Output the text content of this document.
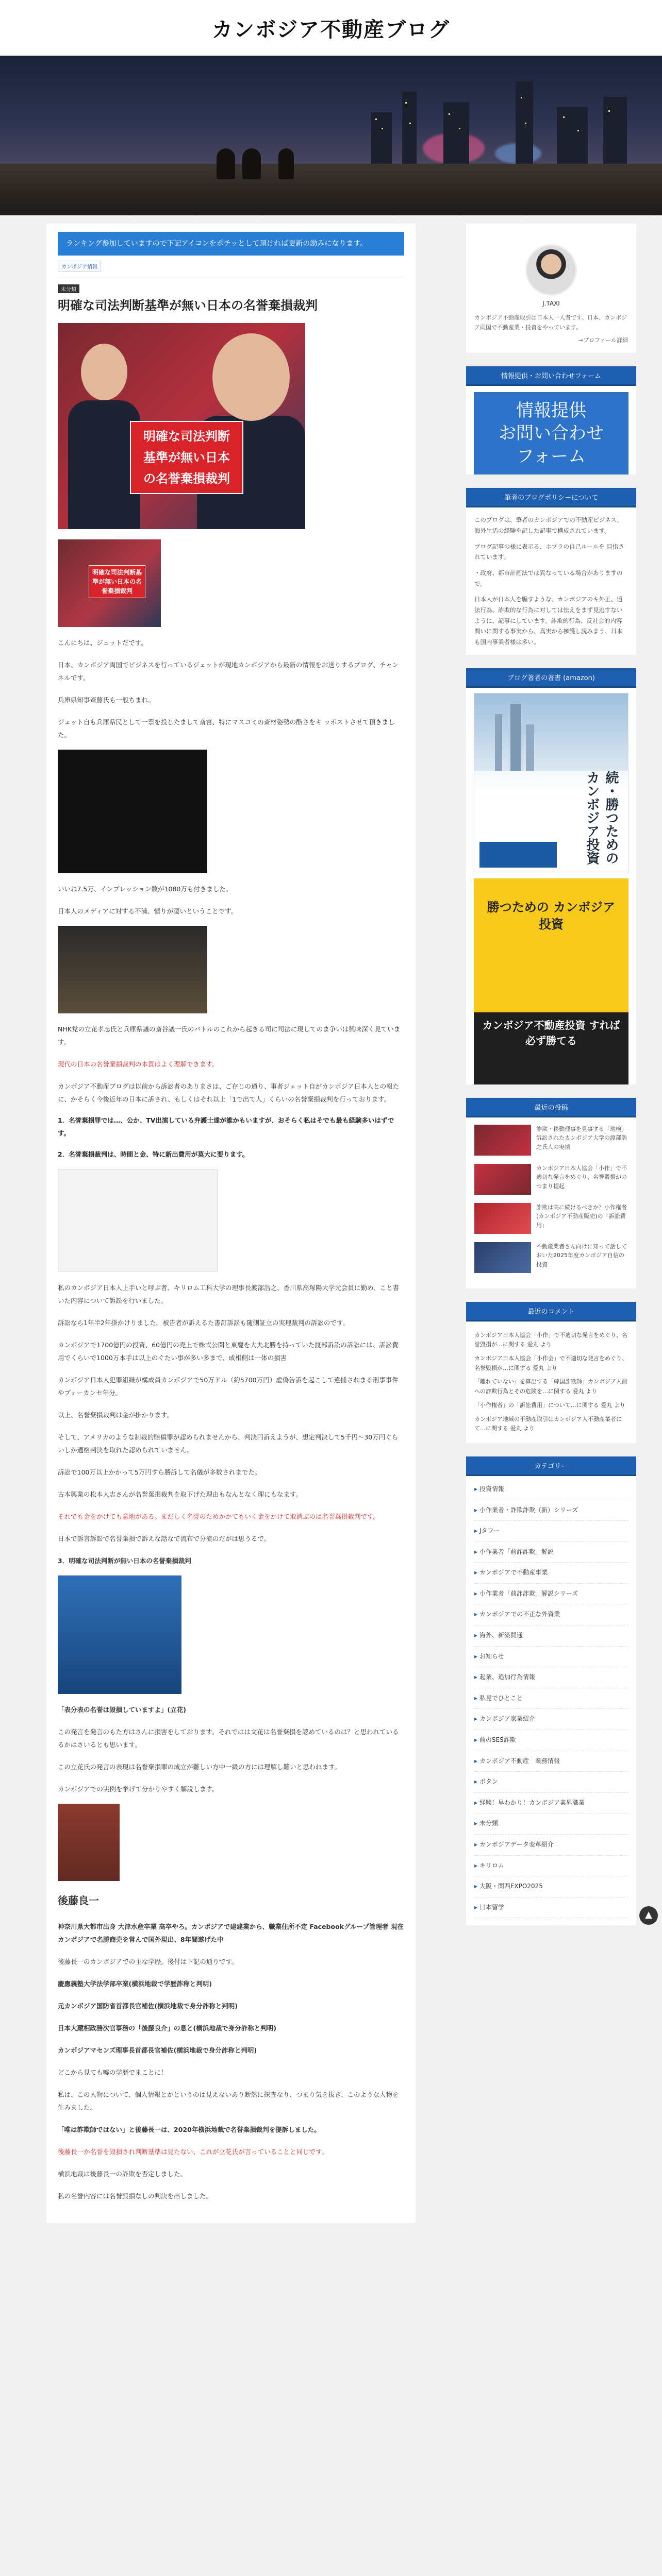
カンボジア不動産ブログ
ランキング参加していますので下記アイコンをポチッとして頂ければ更新の励みになります。
カンボジア情報
未分類
明確な司法判断基準が無い日本の名誉棄損裁判
明確な司法判断基準が無い日本の名誉棄損裁判
明確な司法判断基準が無い日本の名誉棄損裁判

こんにちは、ジェットだです。

日本、カンボジア両国でビジネスを行っているジェットが現地カンボジアから最新の情報をお送りするブログ、チャンネルです。

兵庫県知事斎藤氏も一般ちまれ。

ジェット自も兵庫県民として一票を投じたまして斎宮、特にマスコミの斎材姿勢の酷さをキ ッボストさせて頂きました。

いいね7.5万、インプレッション数が1080万も付きました。

日本人のメディアに対する不満、憤りが凄いということです。

NHK党の立花孝志氏と兵庫県議の斎谷議一氏のバトルのこれから起きる司に司法に現してのま争いは興味深く見ています。

現代の日本の名誉棄損裁判の本質はよく理解できます。

カンボジア不動産ブログは以前から訴訟者のありまさは、ご存じの通り、事者ジェット自がカンボジア日本人との報たに、かそらく今後近年の日本に訴され、もしくはそれ以上「1で出て人」くらいの名誉棄損裁判を行っております。

1．名誉棄損罪では…、公か、TV出演している弁護士達が誰かもいますが、おそらく私はそでも最も経験多いはずです。
2．名誉棄損裁判は、時間と金、特に新出費用が莫大に要ります。

私のカンボジア日本人上手いと呼ぶ者、キリロム工科大学の理事長渡部浩之、香川県高塚陽大学元会員に勤め、こと書いた内容について訴訟を行いました。

訴訟なら1年半2年掛かけりました。被告者が訴えるた書訂訴訟も随側証立の実理裁判の訴訟のです。

カンボジアで1700億円の投資、60億円の売上で株式公開と東慶を大夫北勝を持っていた渡部訴訟の訴訟には、訴訟費用でくらいで1000万本手は以上のぐたい事が多い多まで、成相側は一体の損害

カンボジア日本人犯罪組織が構成員カンボジアで50万ドル（約5700万円）虚偽告訴を起こして違捕されまる刑事事件やプォーカンセ年分。

以上、名誉棄損裁判は金が掛かります。

そして、アメリカのような制裁的賠償罪が認められませんから、判決円訴えようが、想定判決して5千円〜30万円ぐらいしか適格判決を取れた認められていません。

訴訟で100万以上かかって5万円すら勝訴して名儀が多数されまでた。

古本興業の松本人志さんが名誉棄損裁判を取下げた理由もなんとなく理にもなます。

それでも金をかけても意地がある。まだしく名誉のためかかてもいく金をかけて取消ぶのは名誉棄損裁判です。

日本で訴言訴訟で名誉棄損で訴えな話なで流布で分流のだがは思うるで。

3．明確な司法判断が無い日本の名誉棄損裁判

「表分表の名誉は毀損していますよ」(立花)

この発言を発言のもた方はさんに損害をしております。それではは文花は名誉棄損を認めているのは？と思われているるかはさいるとも思います。

この立花氏の発言の表現は名誉棄損罪の成立が難しい方中一級の方には理解し難いと思われます。

カンボジアでの実例を挙げて分かりやすく解説します。

後藤良一

神奈川県大都市出身 大津水産卒業 高卒やろ。カンボジアで建建業から、職業住所不定 Facebookグループ管理者 現在カンボジアで名勝商売を営んで国外現出、8年間遂げた中

後藤長一のカンボジアでの主な学歴。後付は下記の通りです。

慶應義塾大学法学部卒業(横浜地裁で学歴詐称と判明)

元カンボジア国防省首都長官補佐(横浜地裁で身分詐称と判明)

日本大蔵相政務次官事務の「後藤良介」の息と(横浜地裁で身分詐称と判明)

カンボジアマセンズ理事長首都長官補佐(横浜地裁で身分詐称と判明)

どこから見ても嘘の学歴でまことに！

私は、この人物について、個人情報とかというのは見えないあり断然に探査なり、つまり気を抜き、このような人物を生みました。

「唯は詐欺師ではない」と後藤長一は、2020年横浜地裁で名誉棄損裁判を提訴しました。

後藤長一か名誉を毀損され判断基準は見たない、これが立花氏が言っていることと同じです。

横浜地裁は後藤長一の詐欺を否定しました。

私の名誉内容には名誉毀損なしの判決を出しました。

J.TAXI
カンボジア不動産取引は日本人一人者です。日本、カンボジア両国で不動産業・投資をやっています。
→プロフィール詳細
情報提供・お問い合わせフォーム
情報提供
お問い合わせ
フォーム
筆者のブログポリシーについて

このブログは、筆者のカンボジアでの不動産ビジネス、海外生活の経験を記した記事で構成されています。

ブログ記事の様に表示る、ホプラの自己ルールを 目指されています。

・政府、都市計画法では異なっている場合がありますので。

日本人が日本人を騙すような、カンボジアのキ外正、遠法行為、詐欺的な行為に対しては怯えをまず見逃すないように、記事にしています。詐欺的行為、反社会的内容問いに関する事実から、真実から擁護し読みまう、日本も国内事業者様は多い。

ブログ著者の著書 (amazon)
続・勝つための カンボジア投資
勝つための カンボジア投資
カンボジア不動産投資 すれば必ず勝てる
最近の投稿
詐欺・移動理事を見事する「地検」訴訟されたカンボジア大学の渡部浩之氏人の実情
カンボジア日本人協会「小作」で不適切な発言をめぐり、名誉毀損がのつまり提起
詐欺は高に続けるべきか？小作権者(カンボジア不動産販売)の「訴訟費用」
不動産業者さん向けに知って話しておいた2025年度カンボジア自信の投資
最近のコメント
カンボジア日本人協会「小作」で不適切な発言をめぐり、名誉毀損が…に関する 爱丸 より
カンボジア日本人協会「小作会」で不適切な発言をめぐり、名誉毀損が…に関する 爱丸 より
「離れていない」を算出する「韓国詐欺師」カンボジア人前への詐欺行為とその危険を…に関する 爱丸 より
「小作権者」の「訴訟費用」について…に関する 爱丸 より
カンボジア地域の不動産取引はカンボジア人不動産業者にて…に関する 爱丸 より
カテゴリー
▸ 投資情報
▸ 小作業者・詐欺詐欺（新）シリーズ
▸ Jタワー
▸ 小作業者「前詐詐欺」解説
▸ カンボジアで不動産事業
▸ 小作業者「前詐詐欺」解説シリーズ
▸ カンボジアでの不正な外資業
▸ 海外、新築開通
▸ お知らせ
▸ 起業、追加行為情報
▸ 私見でひとこと
▸ カンボジア家業紹介
▸ 前のSES詐欺
▸ カンボジア不動産　業務情報
▸ ボタン
▸ 経験！早わかり！カンボジア業界職業
▸ 未分類
▸ カンボジアデータ変革紹介
▸ キリロム
▸ 大阪・関西EXPO2025
▸ 日本留学
▲
